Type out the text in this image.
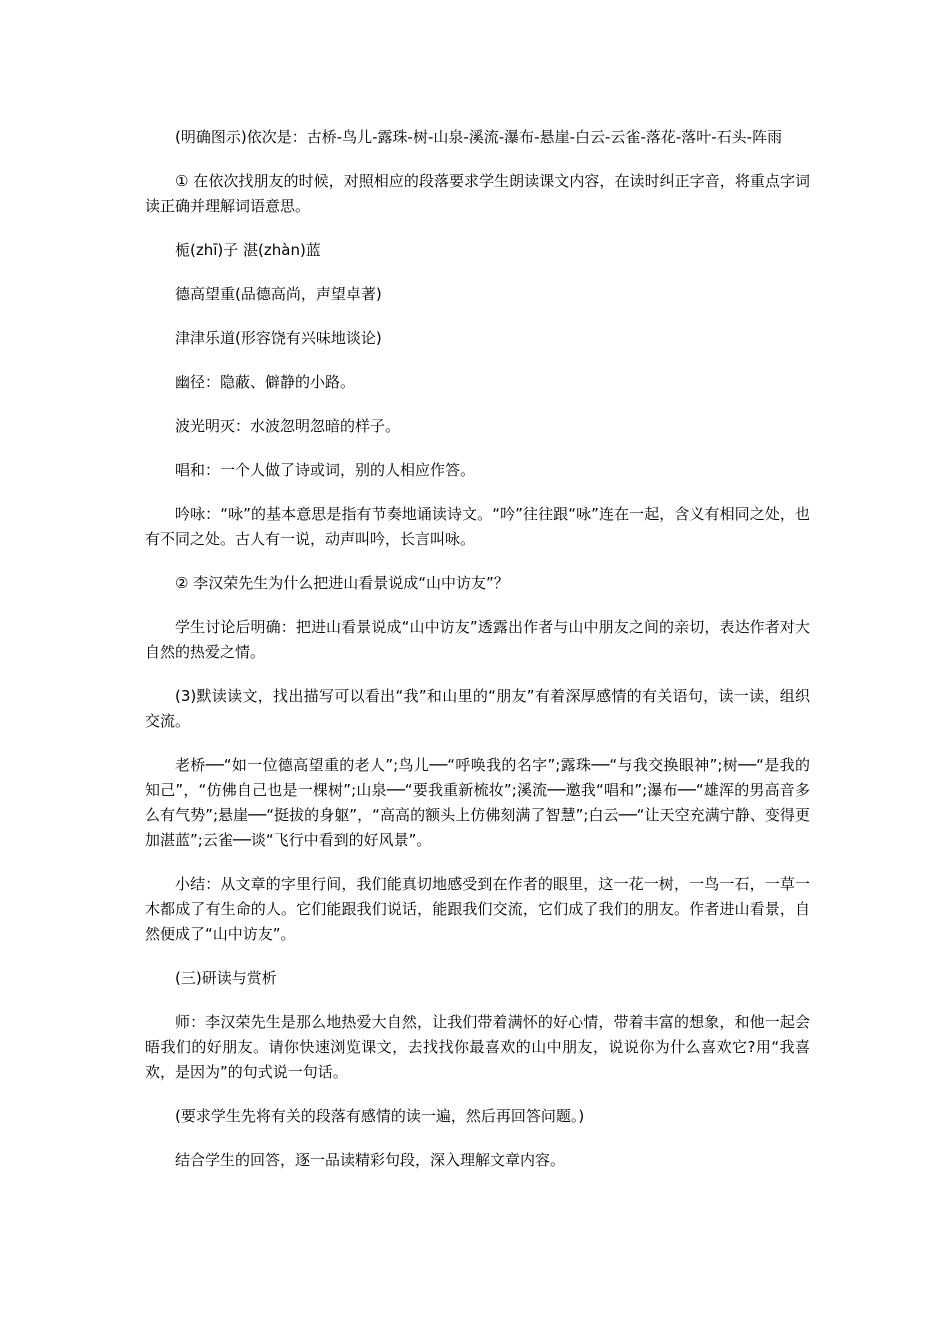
(明确图示)依次是：古桥-鸟儿-露珠-树-山泉-溪流-瀑布-悬崖-白云-云雀-落花-落叶-石头-阵雨

① 在依次找朋友的时候，对照相应的段落要求学生朗读课文内容，在读时纠正字音，将重点字词读正确并理解词语意思。

栀(zhī)子 湛(zhàn)蓝

德高望重(品德高尚，声望卓著)

津津乐道(形容饶有兴味地谈论)

幽径：隐蔽、僻静的小路。

波光明灭：水波忽明忽暗的样子。

唱和：一个人做了诗或词，别的人相应作答。

吟咏：“咏”的基本意思是指有节奏地诵读诗文。“吟”往往跟“咏”连在一起，含义有相同之处，也有不同之处。古人有一说，动声叫吟，长言叫咏。

② 李汉荣先生为什么把进山看景说成“山中访友”？

学生讨论后明确：把进山看景说成“山中访友”透露出作者与山中朋友之间的亲切，表达作者对大自然的热爱之情。

(3)默读读文，找出描写可以看出“我”和山里的“朋友”有着深厚感情的有关语句，读一读，组织交流。

老桥──“如一位德高望重的老人”;鸟儿──“呼唤我的名字”;露珠──“与我交换眼神”;树──“是我的知己”，“仿佛自己也是一棵树”;山泉──“要我重新梳妆”;溪流──邀我“唱和”;瀑布──“雄浑的男高音多么有气势”;悬崖──“挺拔的身躯”，“高高的额头上仿佛刻满了智慧”;白云──“让天空充满宁静、变得更加湛蓝”;云雀──谈“飞行中看到的好风景”。

小结：从文章的字里行间，我们能真切地感受到在作者的眼里，这一花一树，一鸟一石，一草一木都成了有生命的人。它们能跟我们说话，能跟我们交流，它们成了我们的朋友。作者进山看景，自然便成了“山中访友”。

(三)研读与赏析

师：李汉荣先生是那么地热爱大自然，让我们带着满怀的好心情，带着丰富的想象，和他一起会晤我们的好朋友。请你快速浏览课文，去找找你最喜欢的山中朋友，说说你为什么喜欢它?用“我喜欢，是因为”的句式说一句话。

(要求学生先将有关的段落有感情的读一遍，然后再回答问题。)

结合学生的回答，逐一品读精彩句段，深入理解文章内容。
